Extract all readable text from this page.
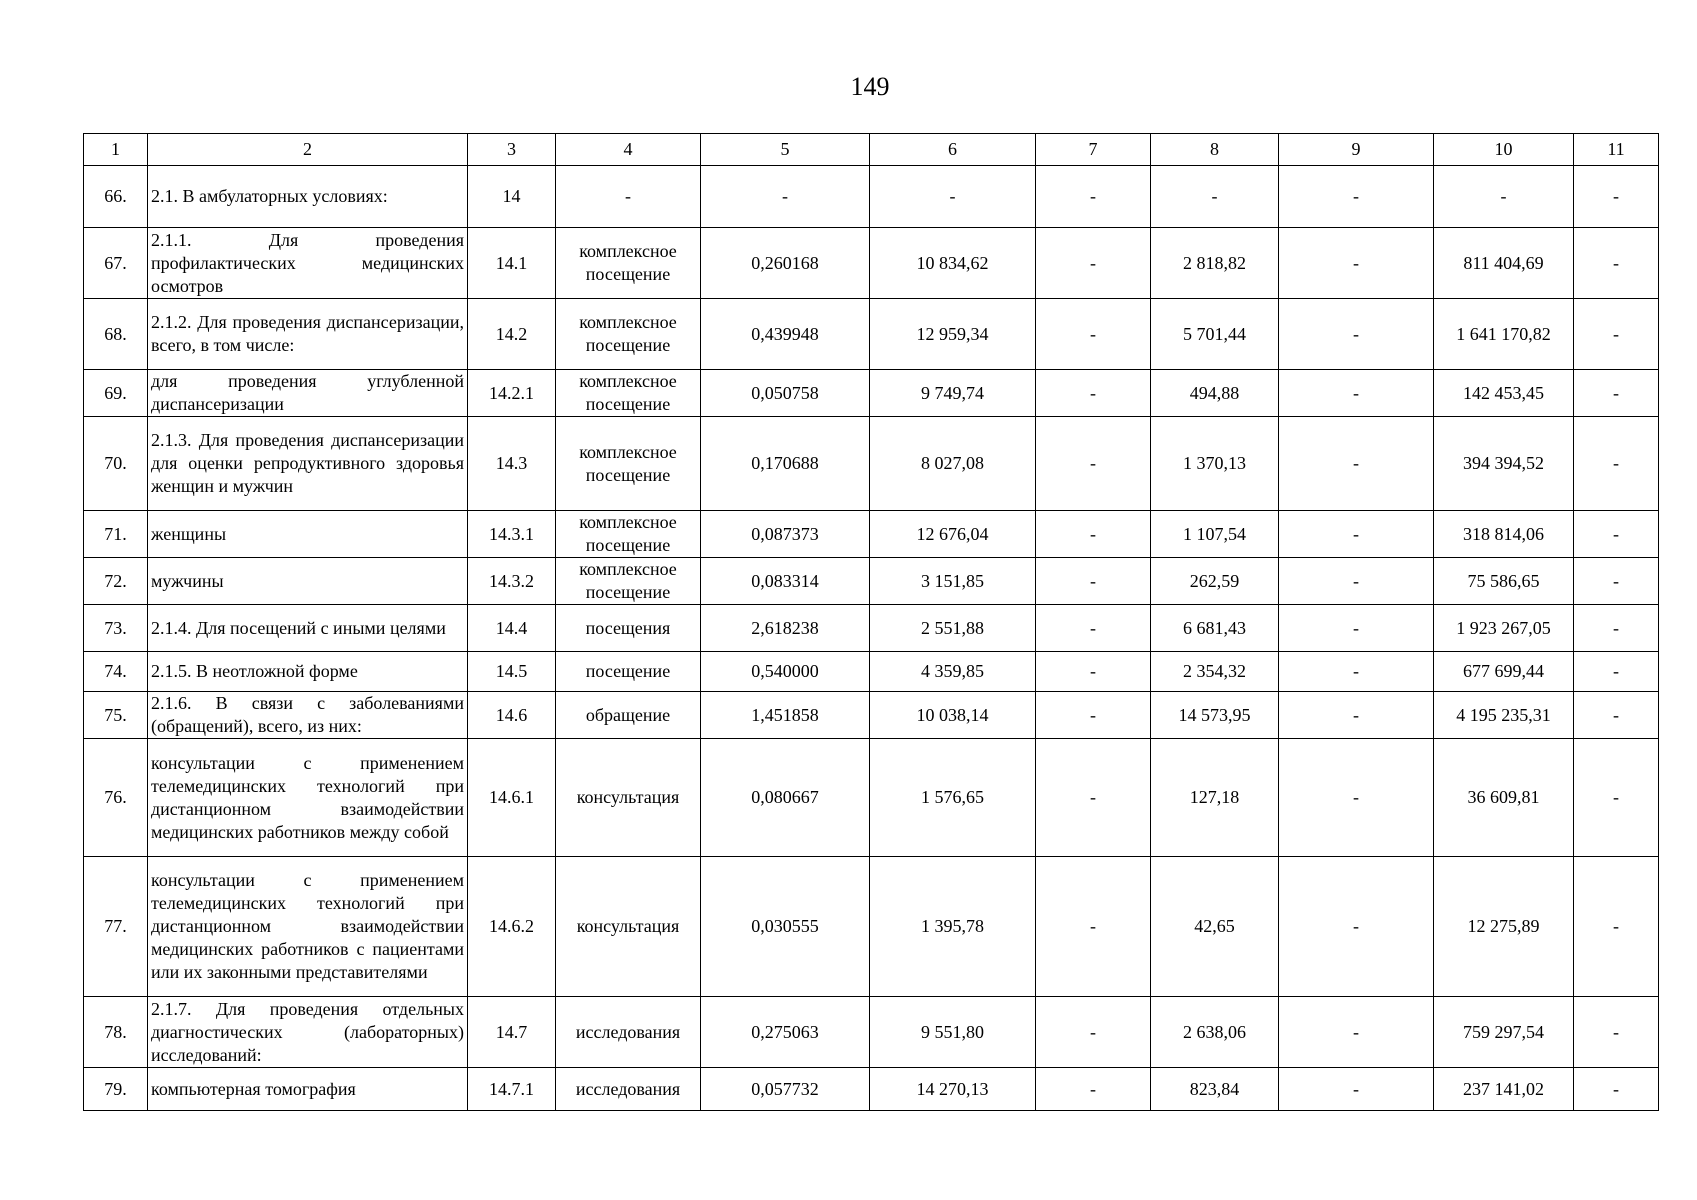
149
1	2	3	4	5	6	7	8	9	10	11
66.	2.1. В амбулаторных условиях:	14	-	-	-	-	-	-	-	-
67.	2.1.1. Для проведения профилактических медицинских осмотров	14.1	комплексное посещение	0,260168	10 834,62	-	2 818,82	-	811 404,69	-
68.	2.1.2. Для проведения диспансеризации, всего, в том числе:	14.2	комплексное посещение	0,439948	12 959,34	-	5 701,44	-	1 641 170,82	-
69.	для проведения углубленной диспансеризации	14.2.1	комплексное посещение	0,050758	9 749,74	-	494,88	-	142 453,45	-
70.	2.1.3. Для проведения диспансеризации для оценки репродуктивного здоровья женщин и мужчин	14.3	комплексное посещение	0,170688	8 027,08	-	1 370,13	-	394 394,52	-
71.	женщины	14.3.1	комплексное посещение	0,087373	12 676,04	-	1 107,54	-	318 814,06	-
72.	мужчины	14.3.2	комплексное посещение	0,083314	3 151,85	-	262,59	-	75 586,65	-
73.	2.1.4. Для посещений с иными целями	14.4	посещения	2,618238	2 551,88	-	6 681,43	-	1 923 267,05	-
74.	2.1.5. В неотложной форме	14.5	посещение	0,540000	4 359,85	-	2 354,32	-	677 699,44	-
75.	2.1.6. В связи с заболеваниями (обращений), всего, из них:	14.6	обращение	1,451858	10 038,14	-	14 573,95	-	4 195 235,31	-
76.	консультации с применением телемедицинских технологий при дистанционном взаимодействии медицинских работников между собой	14.6.1	консультация	0,080667	1 576,65	-	127,18	-	36 609,81	-
77.	консультации с применением телемедицинских технологий при дистанционном взаимодействии медицинских работников с пациентами или их законными представителями	14.6.2	консультация	0,030555	1 395,78	-	42,65	-	12 275,89	-
78.	2.1.7. Для проведения отдельных диагностических (лабораторных) исследований:	14.7	исследования	0,275063	9 551,80	-	2 638,06	-	759 297,54	-
79.	компьютерная томография	14.7.1	исследования	0,057732	14 270,13	-	823,84	-	237 141,02	-
